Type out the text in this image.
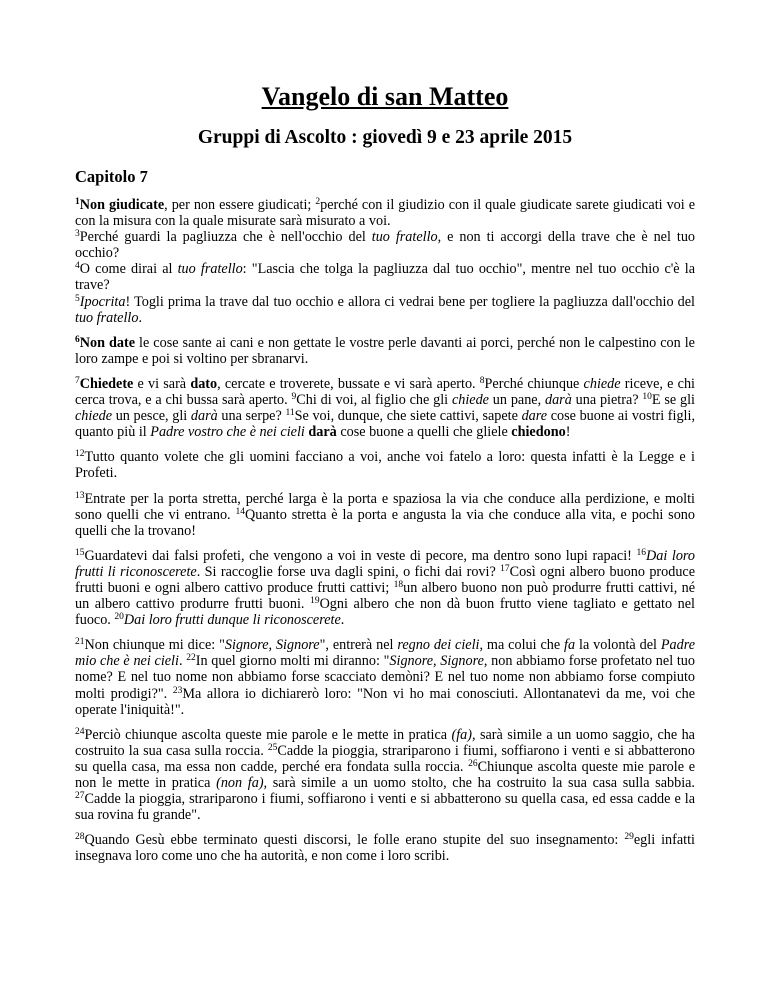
Vangelo di san Matteo
Gruppi di Ascolto : giovedì 9 e 23 aprile 2015
Capitolo 7

$^1$Non giudicate, per non essere giudicati; $^2$perché con il giudizio con il quale giudicate sarete giudicati voi e con la misura con la quale misurate sarà misurato a voi.

$^3$Perché guardi la pagliuzza che è nell'occhio del tuo fratello, e non ti accorgi della trave che è nel tuo occhio?

$^4$O come dirai al tuo fratello: "Lascia che tolga la pagliuzza dal tuo occhio", mentre nel tuo occhio c'è la trave?

$^5$Ipocrita! Togli prima la trave dal tuo occhio e allora ci vedrai bene per togliere la pagliuzza dall'occhio del tuo fratello.

$^6$Non date le cose sante ai cani e non gettate le vostre perle davanti ai porci, perché non le calpestino con le loro zampe e poi si voltino per sbranarvi.

$^7$Chiedete e vi sarà dato, cercate e troverete, bussate e vi sarà aperto. $^8$Perché chiunque chiede riceve, e chi cerca trova, e a chi bussa sarà aperto. $^9$Chi di voi, al figlio che gli chiede un pane, darà una pietra? $^{10}$E se gli chiede un pesce, gli darà una serpe? $^{11}$Se voi, dunque, che siete cattivi, sapete dare cose buone ai vostri figli, quanto più il Padre vostro che è nei cieli darà cose buone a quelli che gliele chiedono!

$^{12}$Tutto quanto volete che gli uomini facciano a voi, anche voi fatelo a loro: questa infatti è la Legge e i Profeti.

$^{13}$Entrate per la porta stretta, perché larga è la porta e spaziosa la via che conduce alla perdizione, e molti sono quelli che vi entrano. $^{14}$Quanto stretta è la porta e angusta la via che conduce alla vita, e pochi sono quelli che la trovano!

$^{15}$Guardatevi dai falsi profeti, che vengono a voi in veste di pecore, ma dentro sono lupi rapaci! $^{16}$Dai loro frutti li riconoscerete. Si raccoglie forse uva dagli spini, o fichi dai rovi? $^{17}$Così ogni albero buono produce frutti buoni e ogni albero cattivo produce frutti cattivi; $^{18}$un albero buono non può produrre frutti cattivi, né un albero cattivo produrre frutti buoni. $^{19}$Ogni albero che non dà buon frutto viene tagliato e gettato nel fuoco. $^{20}$Dai loro frutti dunque li riconoscerete.

$^{21}$Non chiunque mi dice: "Signore, Signore", entrerà nel regno dei cieli, ma colui che fa la volontà del Padre mio che è nei cieli. $^{22}$In quel giorno molti mi diranno: "Signore, Signore, non abbiamo forse profetato nel tuo nome? E nel tuo nome non abbiamo forse scacciato demòni? E nel tuo nome non abbiamo forse compiuto molti prodigi?". $^{23}$Ma allora io dichiarerò loro: "Non vi ho mai conosciuti. Allontanatevi da me, voi che operate l'iniquità!".

$^{24}$Perciò chiunque ascolta queste mie parole e le mette in pratica (fa), sarà simile a un uomo saggio, che ha costruito la sua casa sulla roccia. $^{25}$Cadde la pioggia, strariparono i fiumi, soffiarono i venti e si abbatterono su quella casa, ma essa non cadde, perché era fondata sulla roccia. $^{26}$Chiunque ascolta queste mie parole e non le mette in pratica (non fa), sarà simile a un uomo stolto, che ha costruito la sua casa sulla sabbia. $^{27}$Cadde la pioggia, strariparono i fiumi, soffiarono i venti e si abbatterono su quella casa, ed essa cadde e la sua rovina fu grande".

$^{28}$Quando Gesù ebbe terminato questi discorsi, le folle erano stupite del suo insegnamento: $^{29}$egli infatti insegnava loro come uno che ha autorità, e non come i loro scribi.
